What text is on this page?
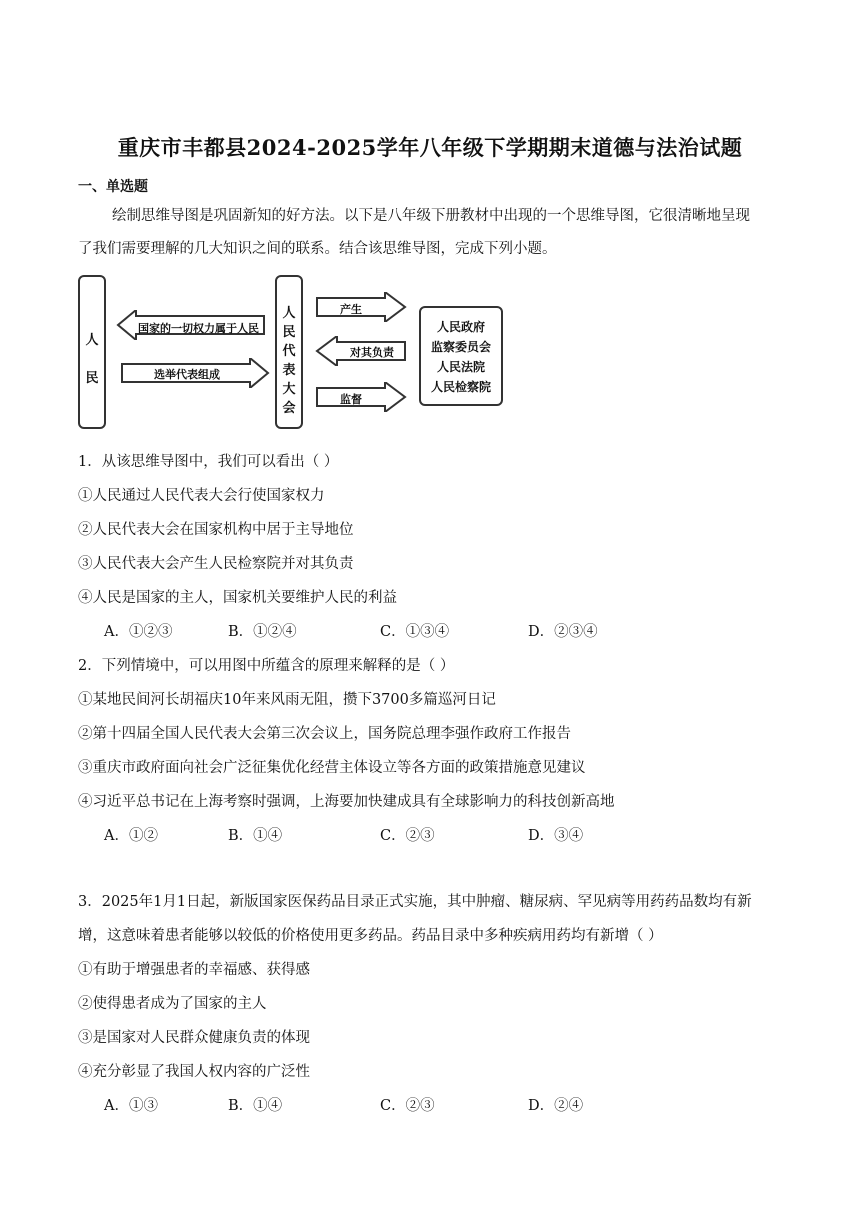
重庆市丰都县2024-2025学年八年级下学期期末道德与法治试题
一、单选题
绘制思维导图是巩固新知的好方法。以下是八年级下册教材中出现的一个思维导图，它很清晰地呈现
了我们需要理解的几大知识之间的联系。结合该思维导图，完成下列小题。
人民
国家的一切权力属于人民
选举代表组成
人民代表大会
产生
对其负责
监督
人民政府
监察委员会
人民法院
人民检察院
1．从该思维导图中，我们可以看出（ ）
①人民通过人民代表大会行使国家权力
②人民代表大会在国家机构中居于主导地位
③人民代表大会产生人民检察院并对其负责
④人民是国家的主人，国家机关要维护人民的利益
A．①②③	B．①②④	C．①③④	D．②③④
2．下列情境中，可以用图中所蕴含的原理来解释的是（ ）
①某地民间河长胡福庆10年来风雨无阻，攒下3700多篇巡河日记
②第十四届全国人民代表大会第三次会议上，国务院总理李强作政府工作报告
③重庆市政府面向社会广泛征集优化经营主体设立等各方面的政策措施意见建议
④习近平总书记在上海考察时强调，上海要加快建成具有全球影响力的科技创新高地
A．①②	B．①④	C．②③	D．③④
3．2025年1月1日起，新版国家医保药品目录正式实施，其中肿瘤、糖尿病、罕见病等用药药品数均有新
增，这意味着患者能够以较低的价格使用更多药品。药品目录中多种疾病用药均有新增（ ）
①有助于增强患者的幸福感、获得感
②使得患者成为了国家的主人
③是国家对人民群众健康负责的体现
④充分彰显了我国人权内容的广泛性
A．①③	B．①④	C．②③	D．②④
